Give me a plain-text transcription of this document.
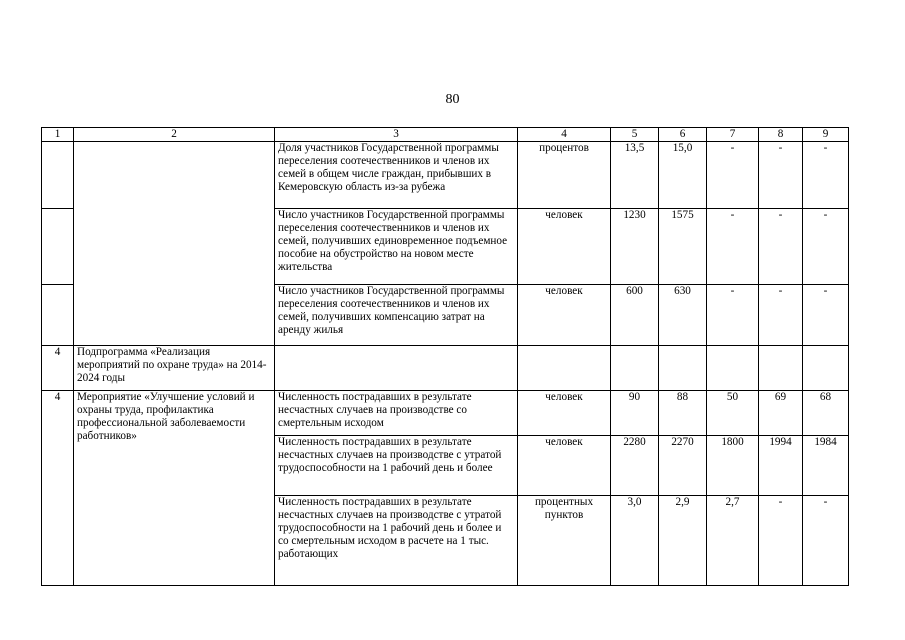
80
1	2	3	4	5	6	7	8	9
		Доля участников Государственной программы переселения соотечественников и членов их семей в общем числе граждан, прибывших в Кемеровскую область из-за рубежа	процентов	13,5	15,0	-	-	-
		Число участников Государственной программы переселения соотечественников и членов их семей, получивших единовременное подъемное пособие на обустройство на новом месте жительства	человек	1230	1575	-	-	-
		Число участников Государственной программы переселения соотечественников и членов их семей, получивших компенсацию затрат на аренду жилья	человек	600	630	-	-	-
4	Подпрограмма «Реализация мероприятий по охране труда» на 2014-2024 годы							
4	Мероприятие «Улучшение условий и охраны труда, профилактика профессиональной заболеваемости работников»	Численность пострадавших в результате несчастных случаев на производстве со смертельным исходом	человек	90	88	50	69	68
		Численность пострадавших в результате несчастных случаев на производстве с утратой трудоспособности на 1 рабочий день и более	человек	2280	2270	1800	1994	1984
		Численность пострадавших в результате несчастных случаев на производстве с утратой трудоспособности на 1 рабочий день и более и со смертельным исходом в расчете на 1 тыс. работающих	процентных пунктов	3,0	2,9	2,7	-	-
